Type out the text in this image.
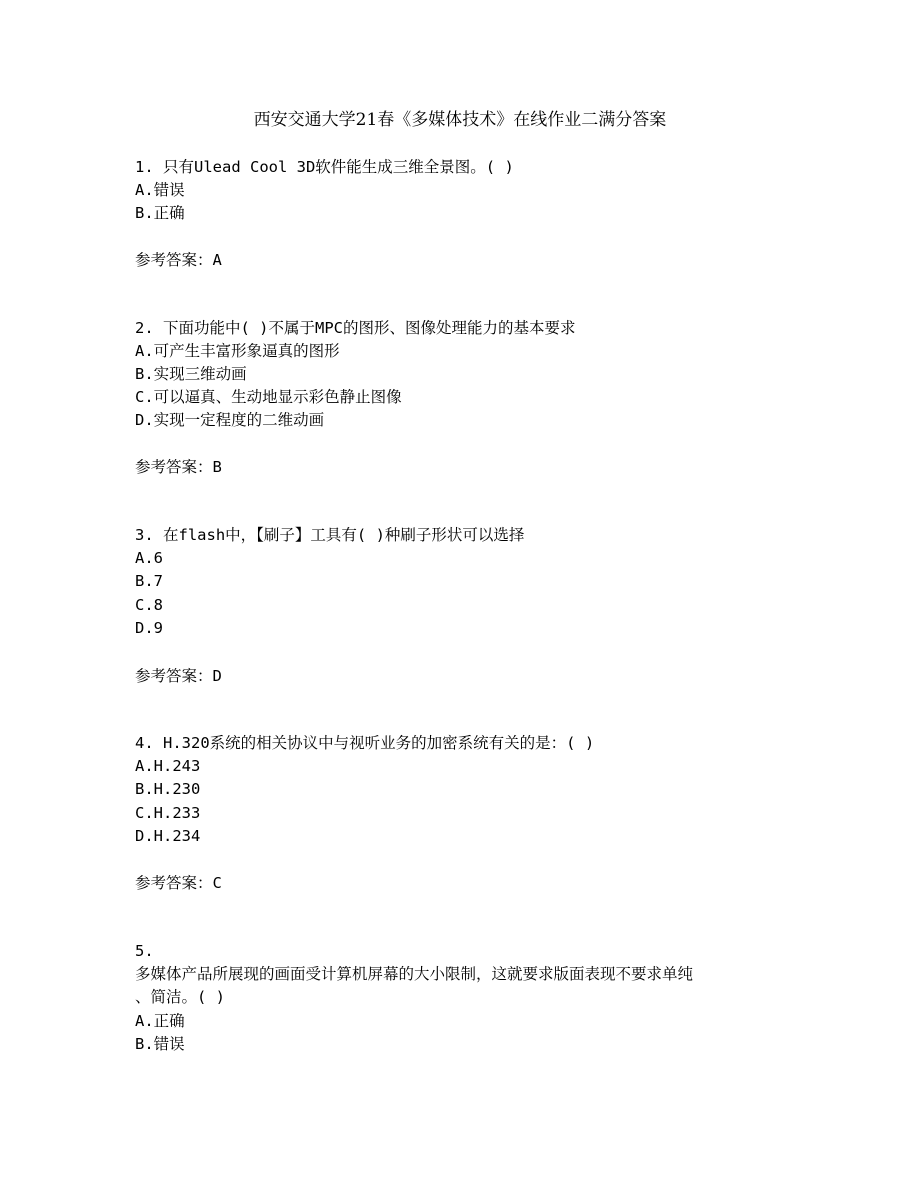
西安交通大学21春《多媒体技术》在线作业二满分答案
1. 只有Ulead Cool 3D软件能生成三维全景图。( )
A.错误
B.正确
参考答案：A
2. 下面功能中( )不属于MPC的图形、图像处理能力的基本要求
A.可产生丰富形象逼真的图形
B.实现三维动画
C.可以逼真、生动地显示彩色静止图像
D.实现一定程度的二维动画
参考答案：B
3. 在flash中，【刷子】工具有( )种刷子形状可以选择
A.6
B.7
C.8
D.9
参考答案：D
4. H.320系统的相关协议中与视听业务的加密系统有关的是：( )
A.H.243
B.H.230
C.H.233
D.H.234
参考答案：C
5.
多媒体产品所展现的画面受计算机屏幕的大小限制，这就要求版面表现不要求单纯
、简洁。( )
A.正确
B.错误
